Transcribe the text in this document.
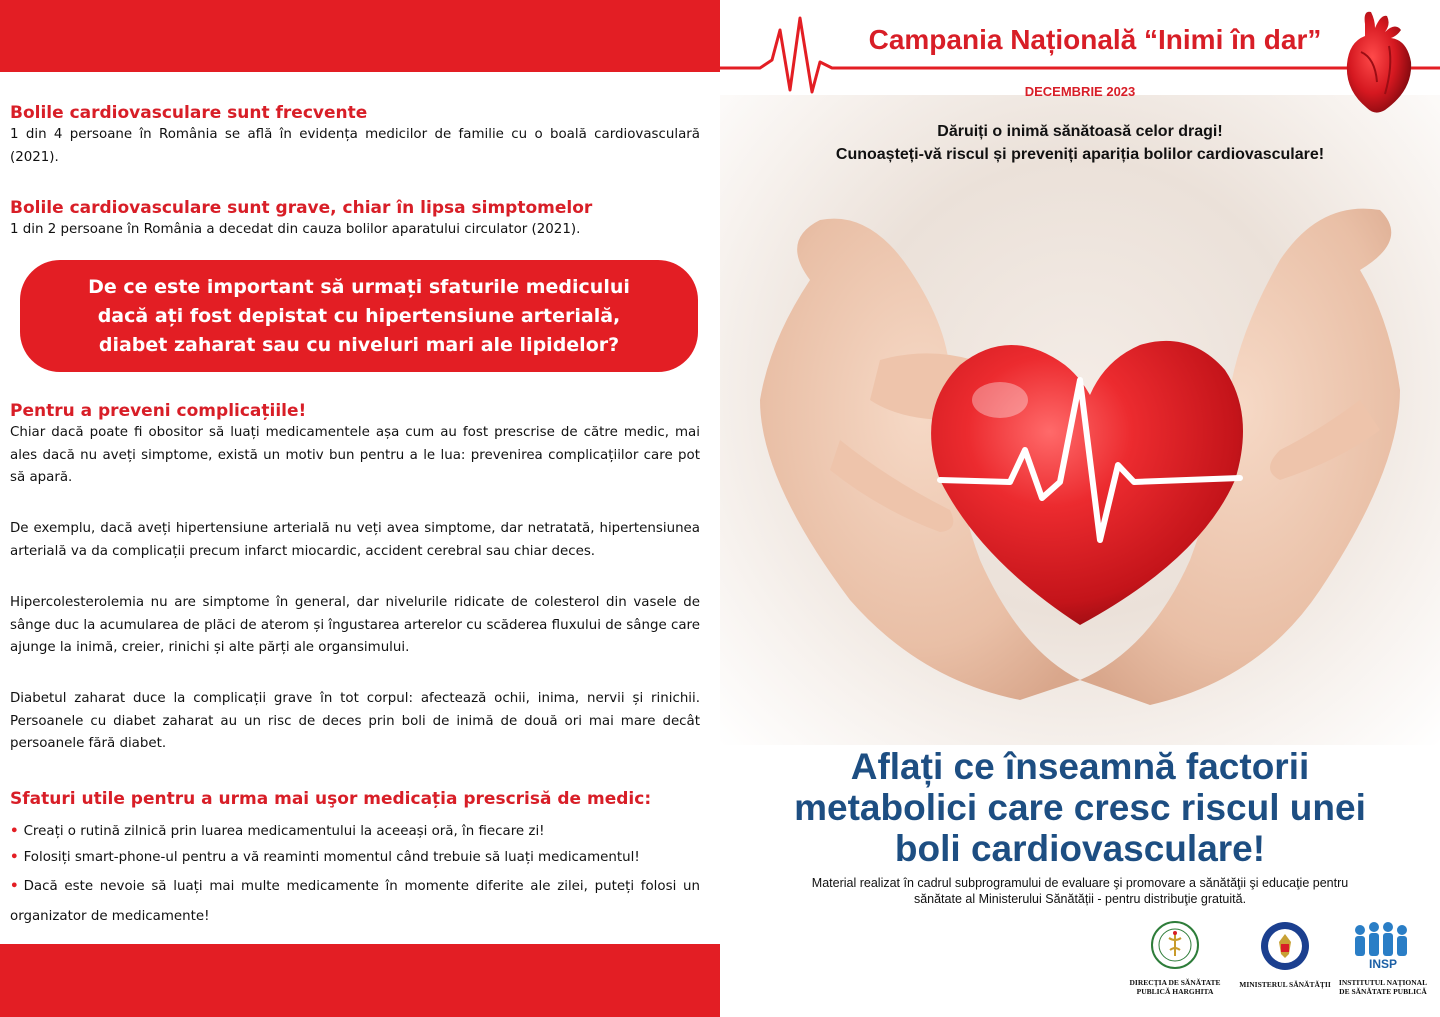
Bolile cardiovasculare sunt frecvente

1 din 4 persoane în România se află în evidența medicilor de familie cu o boală cardiovasculară (2021).

Bolile cardiovasculare sunt grave, chiar în lipsa simptomelor

1 din 2 persoane în România a decedat din cauza bolilor aparatului circulator (2021).

De ce este important să urmați sfaturile medicului
dacă ați fost depistat cu hipertensiune arterială,
diabet zaharat sau cu niveluri mari ale lipidelor?
Pentru a preveni complicațiile!

Chiar dacă poate fi obositor să luați medicamentele așa cum au fost prescrise de către medic, mai ales dacă nu aveți simptome, există un motiv bun pentru a le lua: prevenirea complicațiilor care pot să apară.

De exemplu, dacă aveți hipertensiune arterială nu veți avea simptome, dar netratată, hipertensiunea arterială va da complicații precum infarct miocardic, accident cerebral sau chiar deces.

Hipercolesterolemia nu are simptome în general, dar nivelurile ridicate de colesterol din vasele de sânge duc la acumularea de plăci de aterom și îngustarea arterelor cu scăderea fluxului de sânge care ajunge la inimă, creier, rinichi și alte părți ale organsimului.

Diabetul zaharat duce la complicații grave în tot corpul: afectează ochii, inima, nervii și rinichii. Persoanele cu diabet zaharat au un risc de deces prin boli de inimă de două ori mai mare decât persoanele fără diabet.

Sfaturi utile pentru a urma mai uşor medicația prescrisă de medic:
• Creați o rutină zilnică prin luarea medicamentului la aceeași oră, în fiecare zi!
• Folosiți smart-phone-ul pentru a vă reaminti momentul când trebuie să luați medicamentul!
• Dacă este nevoie să luați mai multe medicamente în momente diferite ale zilei, puteți folosi un organizator de medicamente!
Campania Națională “Inimi în dar”
DECEMBRIE 2023
Dăruiți o inimă sănătoasă celor dragi!
Cunoașteți-vă riscul și preveniți apariția bolilor cardiovasculare!
Aflați ce înseamnă factorii
metabolici care cresc riscul unei
boli cardiovasculare!
Material realizat în cadrul subprogramului de evaluare şi promovare a sănătăţii şi educaţie pentru
sănătate al Ministerului Sănătății - pentru distribuţie gratuită.
DIRECȚIA DE SĂNĂTATE
PUBLICĂ HARGHITA
MINISTERUL SĂNĂTĂȚII
INSP
INSTITUTUL NAȚIONAL
DE SĂNĂTATE PUBLICĂ
